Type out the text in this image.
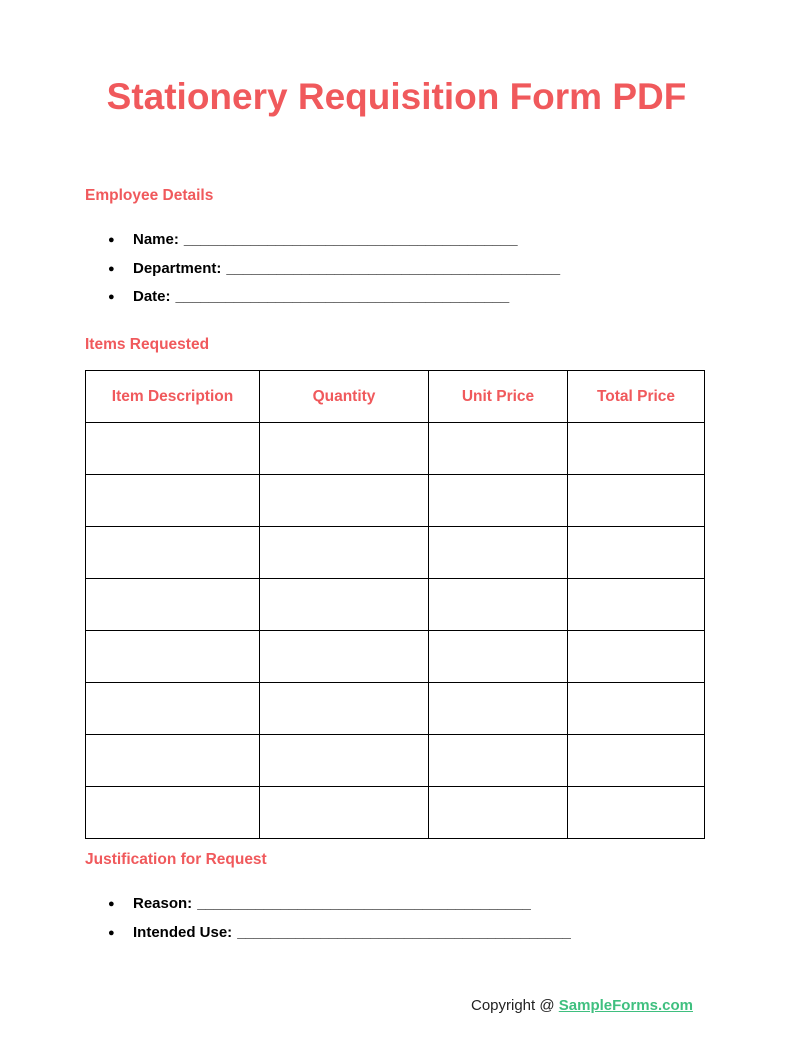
Stationery Requisition Form PDF
Employee Details
● Name: ________________________________________
● Department: ________________________________________
● Date: ________________________________________
Items Requested
Item Description	Quantity	Unit Price	Total Price

Justification for Request
● Reason: ________________________________________
● Intended Use: ________________________________________
Copyright @ SampleForms.com
